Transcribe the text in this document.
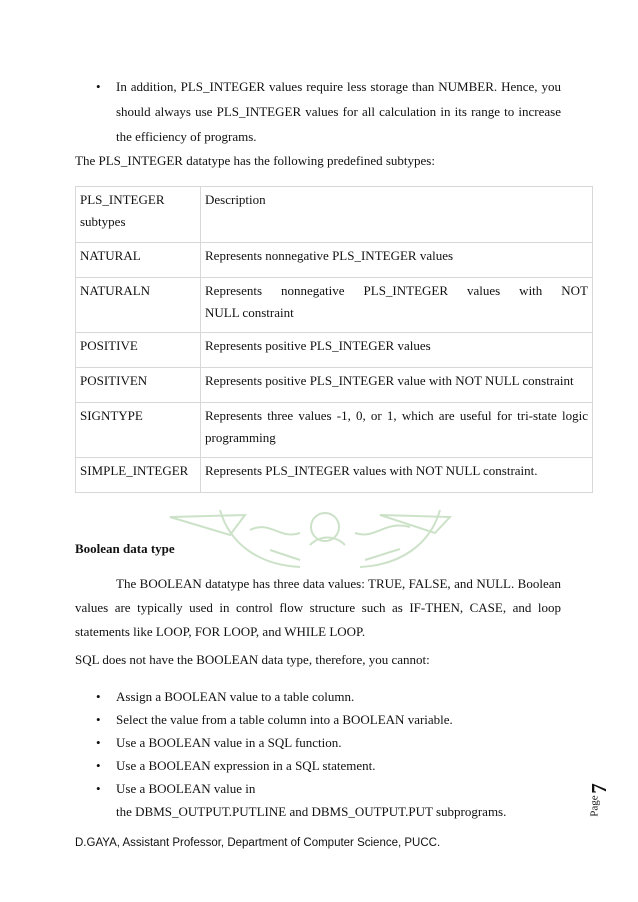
• In addition, PLS_INTEGER values require less storage than NUMBER. Hence, you should always use PLS_INTEGER values for all calculation in its range to increase the efficiency of programs.
The PLS_INTEGER datatype has the following predefined subtypes:
PLS_INTEGER subtypes	Description
NATURAL	Represents nonnegative PLS_INTEGER values
NATURALN	Represents nonnegative PLS_INTEGER values with NOT
NULL constraint

POSITIVE	Represents positive PLS_INTEGER values
POSITIVEN	Represents positive PLS_INTEGER value with NOT NULL constraint
SIGNTYPE	Represents three values -1, 0, or 1, which are useful for tri-state logic programming
SIMPLE_INTEGER	Represents PLS_INTEGER values with NOT NULL constraint.
Boolean data type

The BOOLEAN datatype has three data values: TRUE, FALSE, and NULL. Boolean values are typically used in control flow structure such as IF-THEN, CASE, and loop statements like LOOP, FOR LOOP, and WHILE LOOP.

SQL does not have the BOOLEAN data type, therefore, you cannot:
• Assign a BOOLEAN value to a table column.
• Select the value from a table column into a BOOLEAN variable.
• Use a BOOLEAN value in a SQL function.
• Use a BOOLEAN expression in a SQL statement.
• Use a BOOLEAN value in
the DBMS_OUTPUT.PUTLINE and DBMS_OUTPUT.PUT subprograms.	Page
7
D.GAYA, Assistant Professor, Department of Computer Science, PUCC.
